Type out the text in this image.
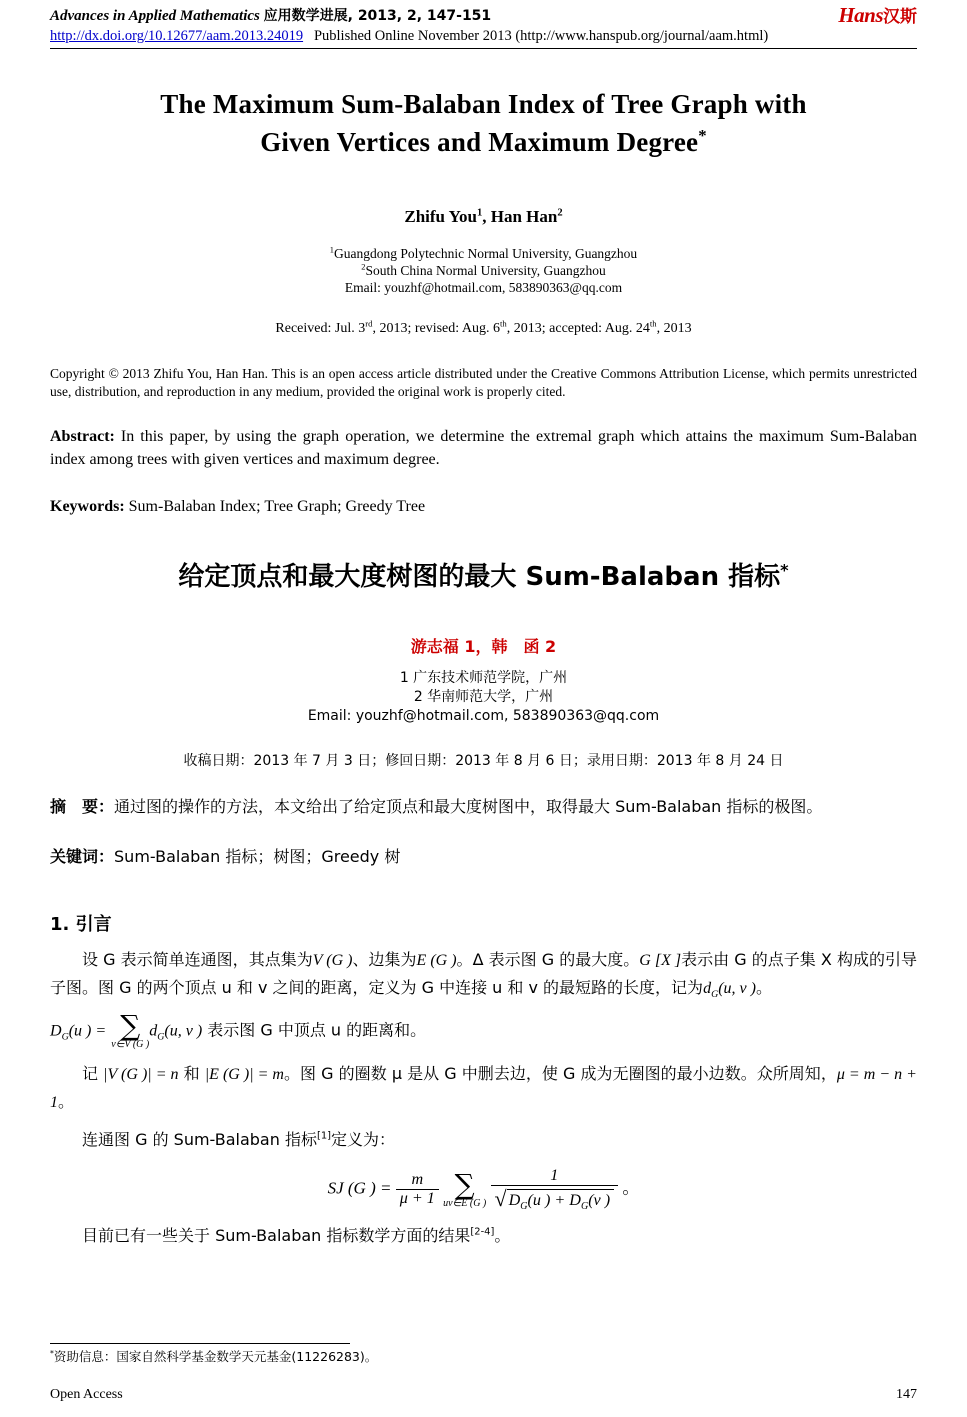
Advances in Applied Mathematics 应用数学进展, 2013, 2, 147-151
http://dx.doi.org/10.12677/aam.2013.24019 Published Online November 2013 (http://www.hanspub.org/journal/aam.html)
Hans汉斯
The Maximum Sum-Balaban Index of Tree Graph with
Given Vertices and Maximum Degree*
Zhifu You$^1$, Han Han$^2$
$^1$Guangdong Polytechnic Normal University, Guangzhou
$^2$South China Normal University, Guangzhou
Email: youzhf@hotmail.com, 583890363@qq.com
Received: Jul. 3rd, 2013; revised: Aug. 6th, 2013; accepted: Aug. 24th, 2013
Copyright © 2013 Zhifu You, Han Han. This is an open access article distributed under the Creative Commons Attribution License, which permits unrestricted use, distribution, and reproduction in any medium, provided the original work is properly cited.
Abstract: In this paper, by using the graph operation, we determine the extremal graph which attains the maximum Sum-Balaban index among trees with given vertices and maximum degree.
Keywords: Sum-Balaban Index; Tree Graph; Greedy Tree
给定顶点和最大度树图的最大 Sum-Balaban 指标*
游志福 1，韩　函 2
1 广东技术师范学院，广州
2 华南师范大学，广州
Email: youzhf@hotmail.com, 583890363@qq.com
收稿日期：2013 年 7 月 3 日；修回日期：2013 年 8 月 6 日；录用日期：2013 年 8 月 24 日
摘　要：通过图的操作的方法，本文给出了给定顶点和最大度树图中，取得最大 Sum-Balaban 指标的极图。
关键词：Sum-Balaban 指标；树图；Greedy 树
1. 引言
设 G 表示简单连通图，其点集为V (G )、边集为E (G )。Δ 表示图 G 的最大度。G [X ]表示由 G 的点子集 X 构成的引导子图。图 G 的两个顶点 u 和 v 之间的距离，定义为 G 中连接 u 和 v 的最短路的长度，记为$d_G(u$, v )。
$D_G(u$ ) = ∑
v∈V (G )
$d_G(u$, v ) 表示图 G 中顶点 u 的距离和。
记 |V (G )| = n 和 |E (G )| = m。图 G 的圈数 μ 是从 G 中删去边，使 G 成为无圈图的最小边数。众所周知，μ = m − n + 1。
连通图 G 的 Sum-Balaban 指标[1]定义为：
SJ (G ) = $\frac{m}{\mu + 1}$
∑
uv∈E (G )
$\frac{1}{√ D_G(u ) + D_G(v )}$ 。
目前已有一些关于 Sum-Balaban 指标数学方面的结果[2-4]。
*资助信息：国家自然科学基金数学天元基金(11226283)。
Open Access	147
